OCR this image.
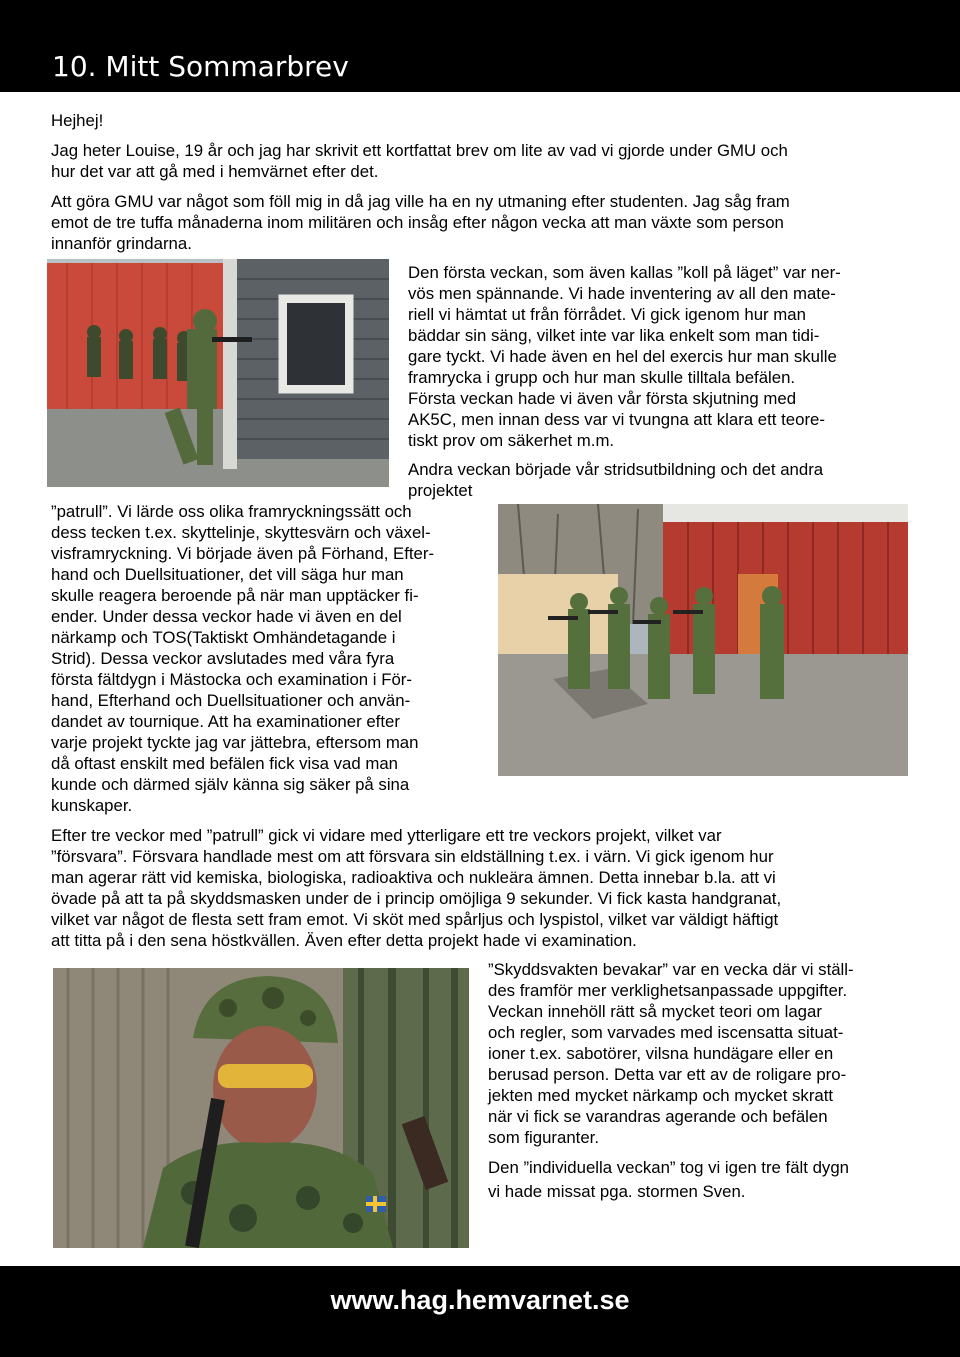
10. Mitt Sommarbrev
Hejhej!
Jag heter Louise, 19 år och jag har skrivit ett kortfattat brev om lite av vad vi gjorde under GMU och
hur det var att gå med i hemvärnet efter det.
Att göra GMU var något som föll mig in då jag ville ha en ny utmaning efter studenten. Jag såg fram
emot de tre tuffa månaderna inom militären och insåg efter någon vecka att man växte som person
innanför grindarna.
Den första veckan, som även kallas ”koll på läget” var ner-
vös men spännande. Vi hade inventering av all den mate-
riell vi hämtat ut från förrådet. Vi gick igenom hur man
bäddar sin säng, vilket inte var lika enkelt som man tidi-
gare tyckt. Vi hade även en hel del exercis hur man skulle
framrycka i grupp och hur man skulle tilltala befälen.
Första veckan hade vi även vår första skjutning med
AK5C, men innan dess var vi tvungna att klara ett teore-
tiskt prov om säkerhet m.m.
Andra veckan började vår stridsutbildning och det andra
projektet
”patrull”. Vi lärde oss olika framryckningssätt och
dess tecken t.ex. skyttelinje, skyttesvärn och växel-
visframryckning. Vi började även på Förhand, Efter-
hand och Duellsituationer, det vill säga hur man
skulle reagera beroende på när man upptäcker fi-
ender. Under dessa veckor hade vi även en del
närkamp och TOS(Taktiskt Omhändetagande i
Strid). Dessa veckor avslutades med våra fyra
första fältdygn i Mästocka och examination i För-
hand, Efterhand och Duellsituationer och använ-
dandet av tournique. Att ha examinationer efter
varje projekt tyckte jag var jättebra, eftersom man
då oftast enskilt med befälen fick visa vad man
kunde och därmed själv känna sig säker på sina
kunskaper.
Efter tre veckor med ”patrull” gick vi vidare med ytterligare ett tre veckors projekt, vilket var
”försvara”. Försvara handlade mest om att försvara sin eldställning t.ex. i värn. Vi gick igenom hur
man agerar rätt vid kemiska, biologiska, radioaktiva och nukleära ämnen. Detta innebar b.la. att vi
övade på att ta på skyddsmasken under de i princip omöjliga 9 sekunder. Vi fick kasta handgranat,
vilket var något de flesta sett fram emot. Vi sköt med spårljus och lyspistol, vilket var väldigt häftigt
att titta på i den sena höstkvällen. Även efter detta projekt hade vi examination.
”Skyddsvakten bevakar” var en vecka där vi ställ-
des framför mer verklighetsanpassade uppgifter.
Veckan innehöll rätt så mycket teori om lagar
och regler, som varvades med iscensatta situat-
ioner t.ex. sabotörer, vilsna hundägare eller en
berusad person. Detta var ett av de roligare pro-
jekten med mycket närkamp och mycket skratt
när vi fick se varandras agerande och befälen
som figuranter.
Den ”individuella veckan” tog vi igen tre fält dygn
vi hade missat pga. stormen Sven.
www.hag.hemvarnet.se
